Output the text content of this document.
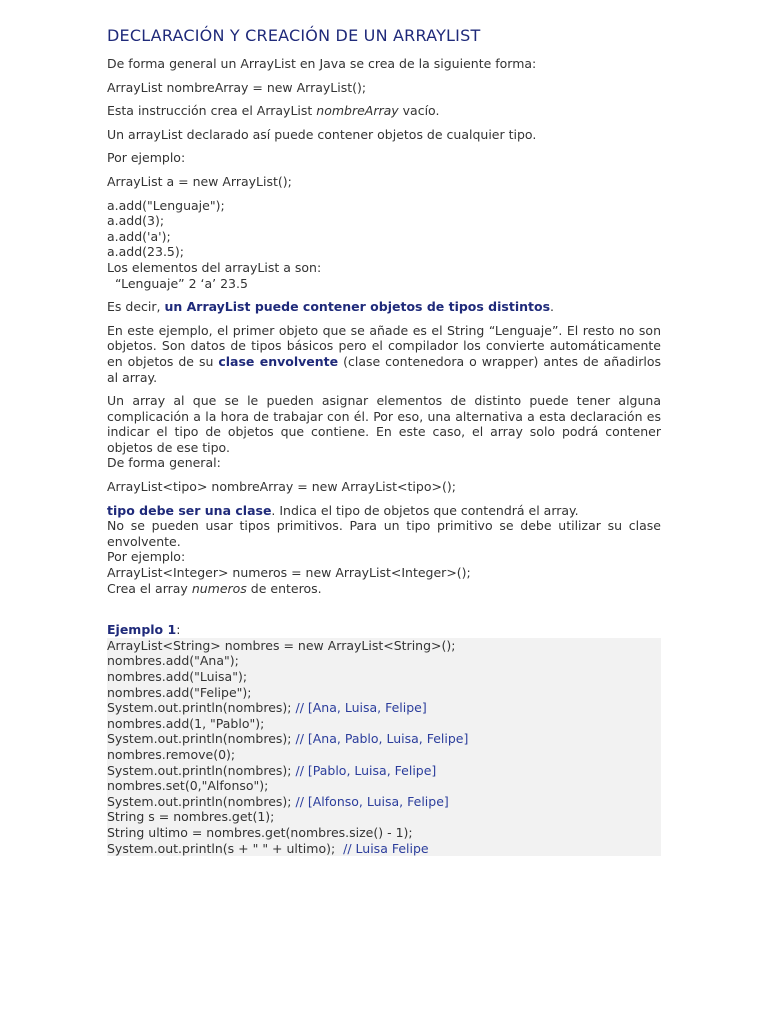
DECLARACIÓN Y CREACIÓN DE UN ARRAYLIST

De forma general un ArrayList en Java se crea de la siguiente forma:

ArrayList nombreArray = new ArrayList();

Esta instrucción crea el ArrayList nombreArray vacío.

Un arrayList declarado así puede contener objetos de cualquier tipo.

Por ejemplo:

ArrayList a = new ArrayList();

a.add("Lenguaje");
a.add(3);
a.add('a');
a.add(23.5);
Los elementos del arrayList a son:
“Lenguaje” 2 ‘a’ 23.5

Es decir, un ArrayList puede contener objetos de tipos distintos.

En este ejemplo, el primer objeto que se añade es el String “Lenguaje”. El resto no son objetos. Son datos de tipos básicos pero el compilador los convierte automáticamente en objetos de su clase envolvente (clase contenedora o wrapper) antes de añadirlos al array.

Un array al que se le pueden asignar elementos de distinto puede tener alguna complicación a la hora de trabajar con él. Por eso, una alternativa a esta declaración es indicar el tipo de objetos que contiene. En este caso, el array solo podrá contener objetos de ese tipo.
De forma general:

ArrayList<tipo> nombreArray = new ArrayList<tipo>();

tipo debe ser una clase. Indica el tipo de objetos que contendrá el array.
No se pueden usar tipos primitivos. Para un tipo primitivo se debe utilizar su clase envolvente.
Por ejemplo:
ArrayList<Integer> numeros = new ArrayList<Integer>();
Crea el array numeros de enteros.
Ejemplo 1:
ArrayList<String> nombres = new ArrayList<String>();
nombres.add("Ana");
nombres.add("Luisa");
nombres.add("Felipe");
System.out.println(nombres); // [Ana, Luisa, Felipe]
nombres.add(1, "Pablo");
System.out.println(nombres); // [Ana, Pablo, Luisa, Felipe]
nombres.remove(0);
System.out.println(nombres); // [Pablo, Luisa, Felipe]
nombres.set(0,"Alfonso");
System.out.println(nombres); // [Alfonso, Luisa, Felipe]
String s = nombres.get(1);
String ultimo = nombres.get(nombres.size() - 1);
System.out.println(s + " " + ultimo);  // Luisa Felipe
